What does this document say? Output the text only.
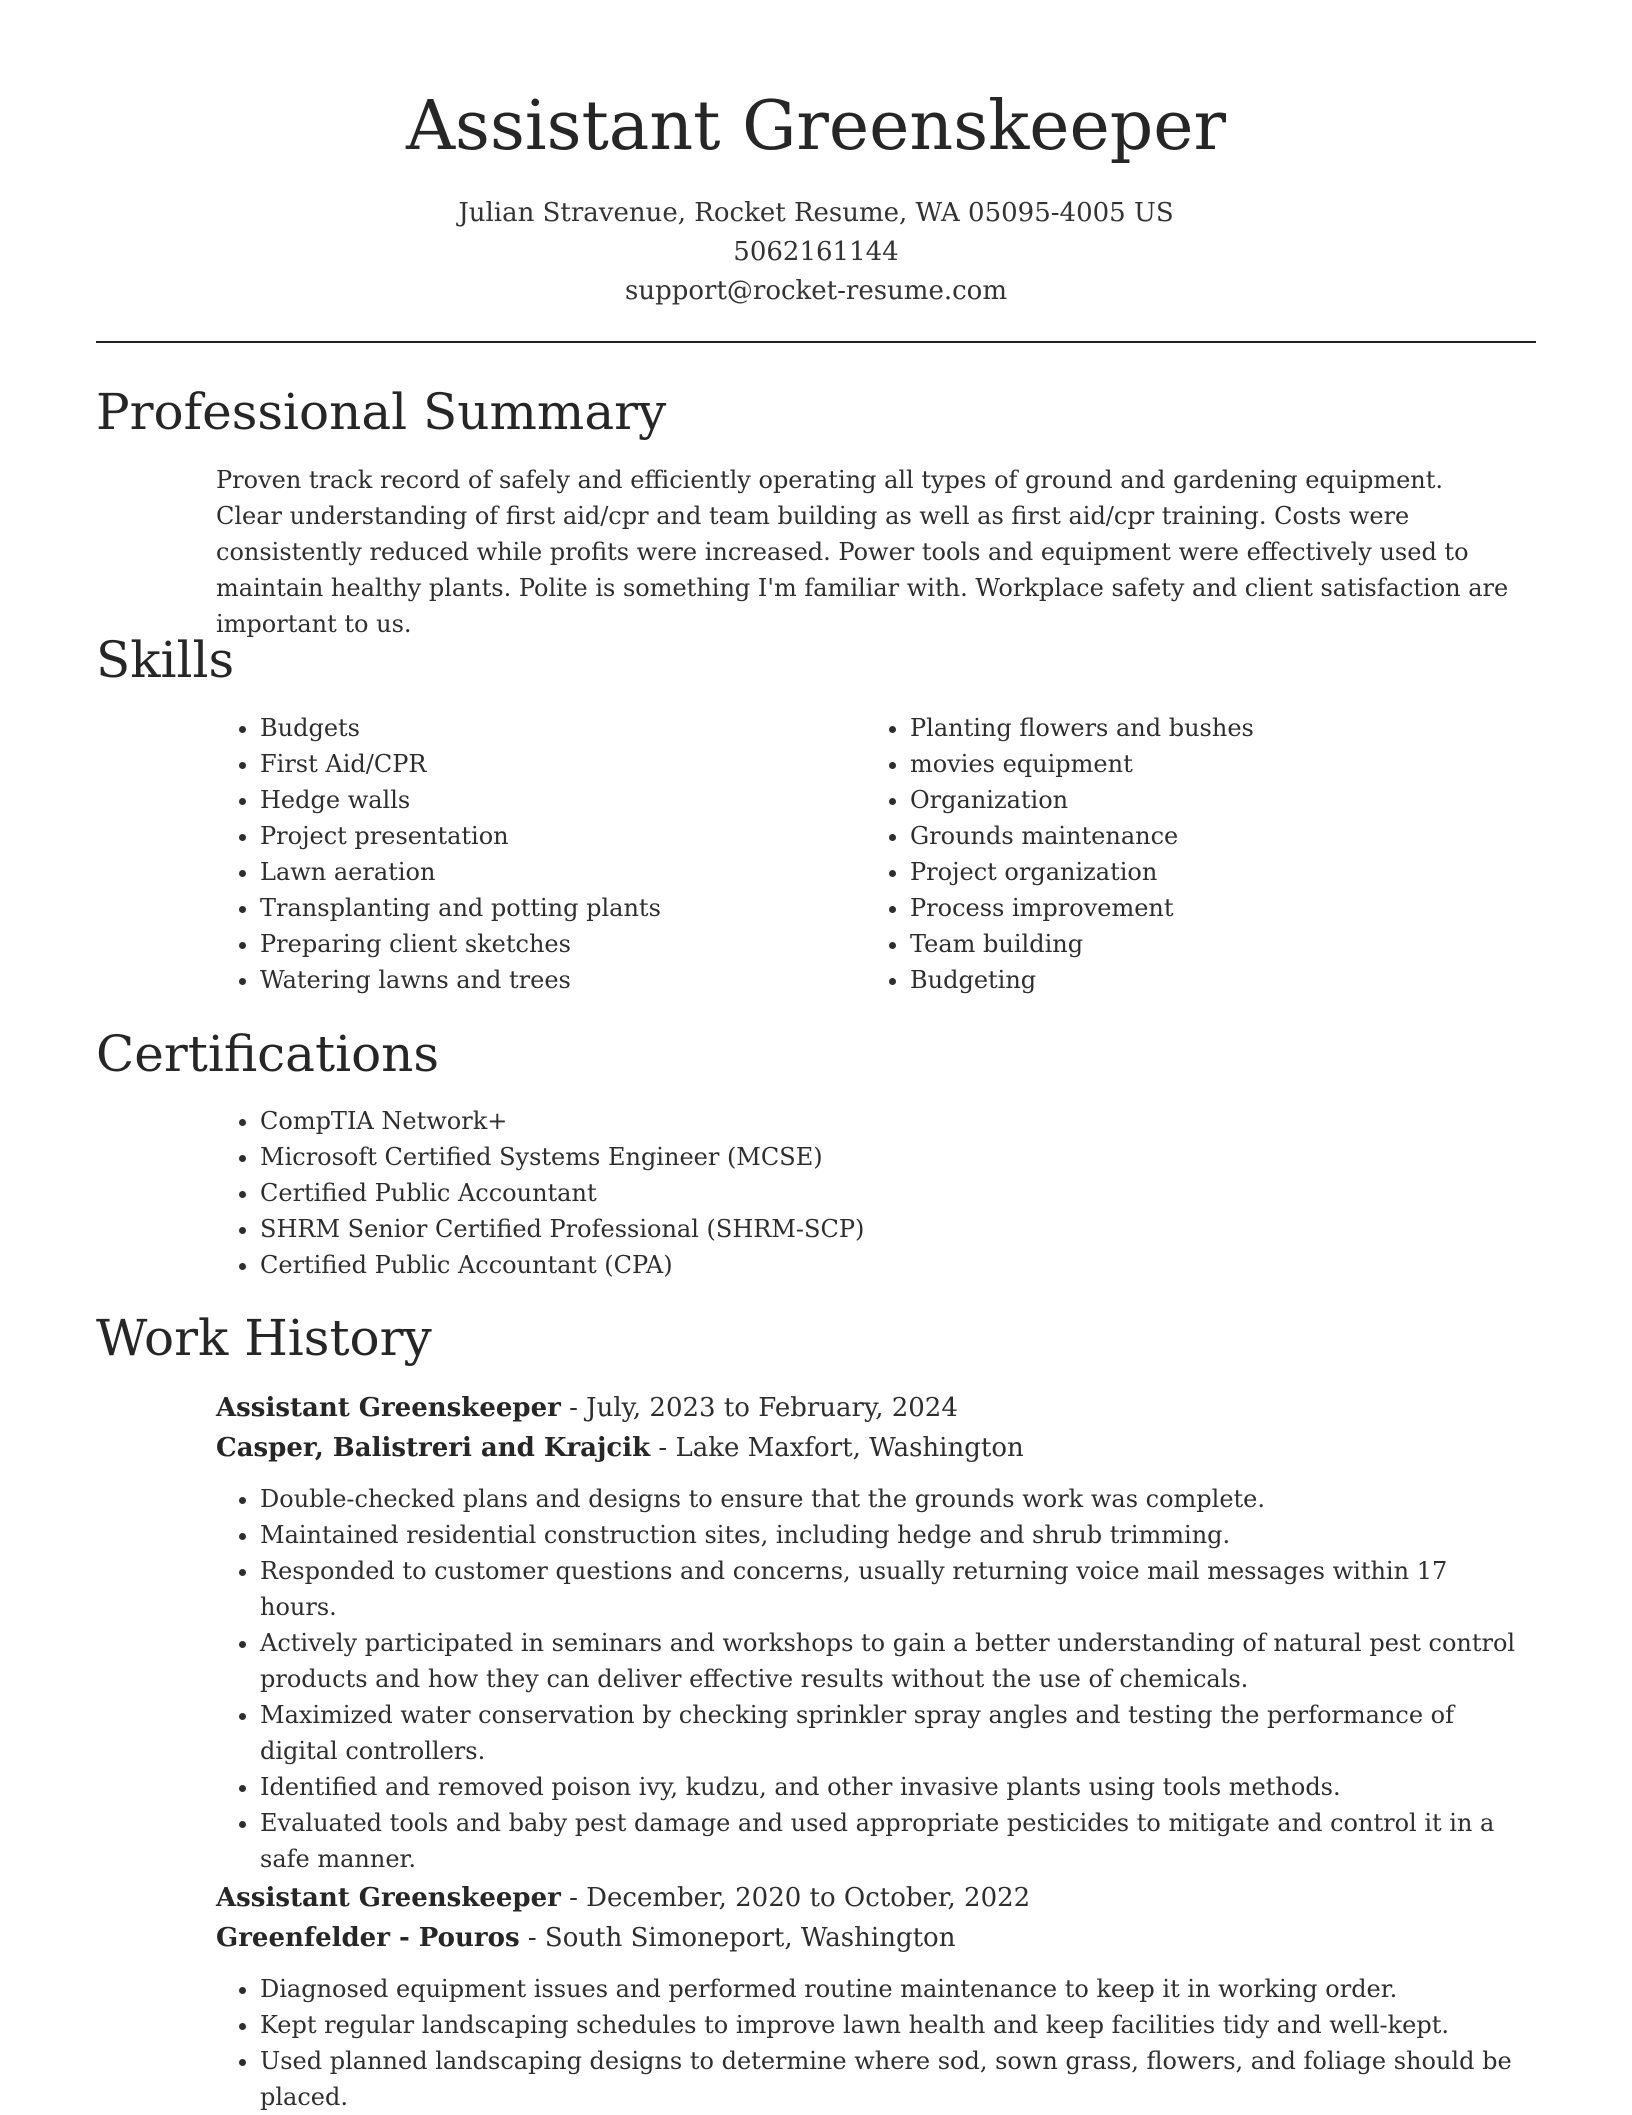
Assistant Greenskeeper
Julian Stravenue, Rocket Resume, WA 05095-4005 US
5062161144
support@rocket-resume.com
Professional Summary

Proven track record of safely and efficiently operating all types of ground and gardening equipment. Clear understanding of first aid/cpr and team building as well as first aid/cpr training. Costs were consistently reduced while profits were increased. Power tools and equipment were effectively used to maintain healthy plants. Polite is something I'm familiar with. Workplace safety and client satisfaction are important to us.

Skills
• Budgets
• First Aid/CPR
• Hedge walls
• Project presentation
• Lawn aeration
• Transplanting and potting plants
• Preparing client sketches
• Watering lawns and trees
• Planting flowers and bushes
• movies equipment
• Organization
• Grounds maintenance
• Project organization
• Process improvement
• Team building
• Budgeting
Certifications
• CompTIA Network+
• Microsoft Certified Systems Engineer (MCSE)
• Certified Public Accountant
• SHRM Senior Certified Professional (SHRM-SCP)
• Certified Public Accountant (CPA)
Work History
Assistant Greenskeeper - July, 2023 to February, 2024
Casper, Balistreri and Krajcik - Lake Maxfort, Washington
• Double-checked plans and designs to ensure that the grounds work was complete.
• Maintained residential construction sites, including hedge and shrub trimming.
• Responded to customer questions and concerns, usually returning voice mail messages within 17 hours.
• Actively participated in seminars and workshops to gain a better understanding of natural pest control products and how they can deliver effective results without the use of chemicals.
• Maximized water conservation by checking sprinkler spray angles and testing the performance of digital controllers.
• Identified and removed poison ivy, kudzu, and other invasive plants using tools methods.
• Evaluated tools and baby pest damage and used appropriate pesticides to mitigate and control it in a safe manner.
Assistant Greenskeeper - December, 2020 to October, 2022
Greenfelder - Pouros - South Simoneport, Washington
• Diagnosed equipment issues and performed routine maintenance to keep it in working order.
• Kept regular landscaping schedules to improve lawn health and keep facilities tidy and well-kept.
• Used planned landscaping designs to determine where sod, sown grass, flowers, and foliage should be placed.
